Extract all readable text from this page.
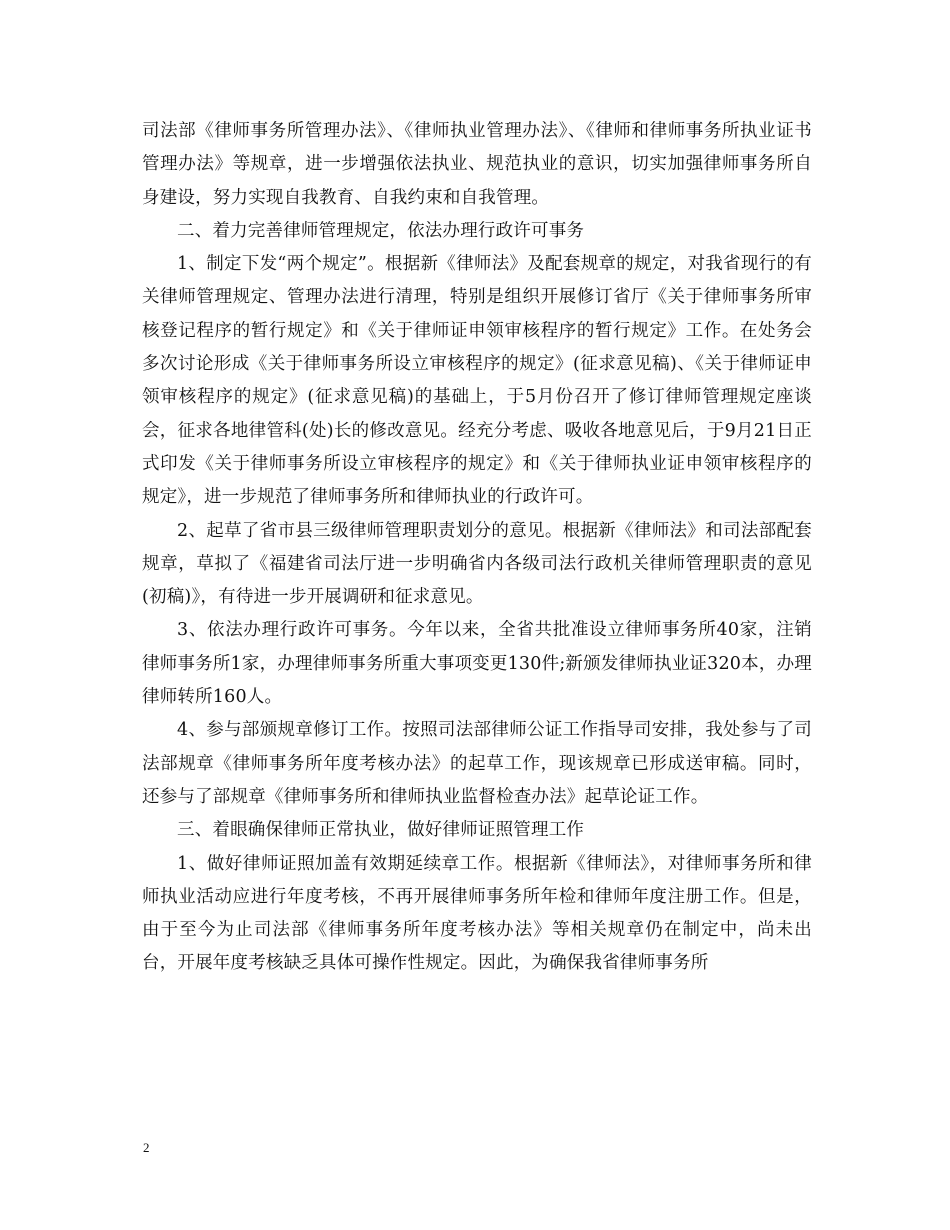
司法部《律师事务所管理办法》、《律师执业管理办法》、《律师和律师事务所执业证书管理办法》等规章，进一步增强依法执业、规范执业的意识，切实加强律师事务所自身建设，努力实现自我教育、自我约束和自我管理。

二、着力完善律师管理规定，依法办理行政许可事务

1、制定下发“两个规定”。根据新《律师法》及配套规章的规定，对我省现行的有关律师管理规定、管理办法进行清理，特别是组织开展修订省厅《关于律师事务所审核登记程序的暂行规定》和《关于律师证申领审核程序的暂行规定》工作。在处务会多次讨论形成《关于律师事务所设立审核程序的规定》(征求意见稿)、《关于律师证申领审核程序的规定》(征求意见稿)的基础上，于5月份召开了修订律师管理规定座谈会，征求各地律管科(处)长的修改意见。经充分考虑、吸收各地意见后，于9月21日正式印发《关于律师事务所设立审核程序的规定》和《关于律师执业证申领审核程序的规定》，进一步规范了律师事务所和律师执业的行政许可。

2、起草了省市县三级律师管理职责划分的意见。根据新《律师法》和司法部配套规章，草拟了《福建省司法厅进一步明确省内各级司法行政机关律师管理职责的意见(初稿)》，有待进一步开展调研和征求意见。

3、依法办理行政许可事务。今年以来，全省共批准设立律师事务所40家，注销律师事务所1家，办理律师事务所重大事项变更130件;新颁发律师执业证320本，办理律师转所160人。

4、参与部颁规章修订工作。按照司法部律师公证工作指导司安排，我处参与了司法部规章《律师事务所年度考核办法》的起草工作，现该规章已形成送审稿。同时，还参与了部规章《律师事务所和律师执业监督检查办法》起草论证工作。

三、着眼确保律师正常执业，做好律师证照管理工作

1、做好律师证照加盖有效期延续章工作。根据新《律师法》，对律师事务所和律师执业活动应进行年度考核，不再开展律师事务所年检和律师年度注册工作。但是，由于至今为止司法部《律师事务所年度考核办法》等相关规章仍在制定中，尚未出台，开展年度考核缺乏具体可操作性规定。因此，为确保我省律师事务所

2
